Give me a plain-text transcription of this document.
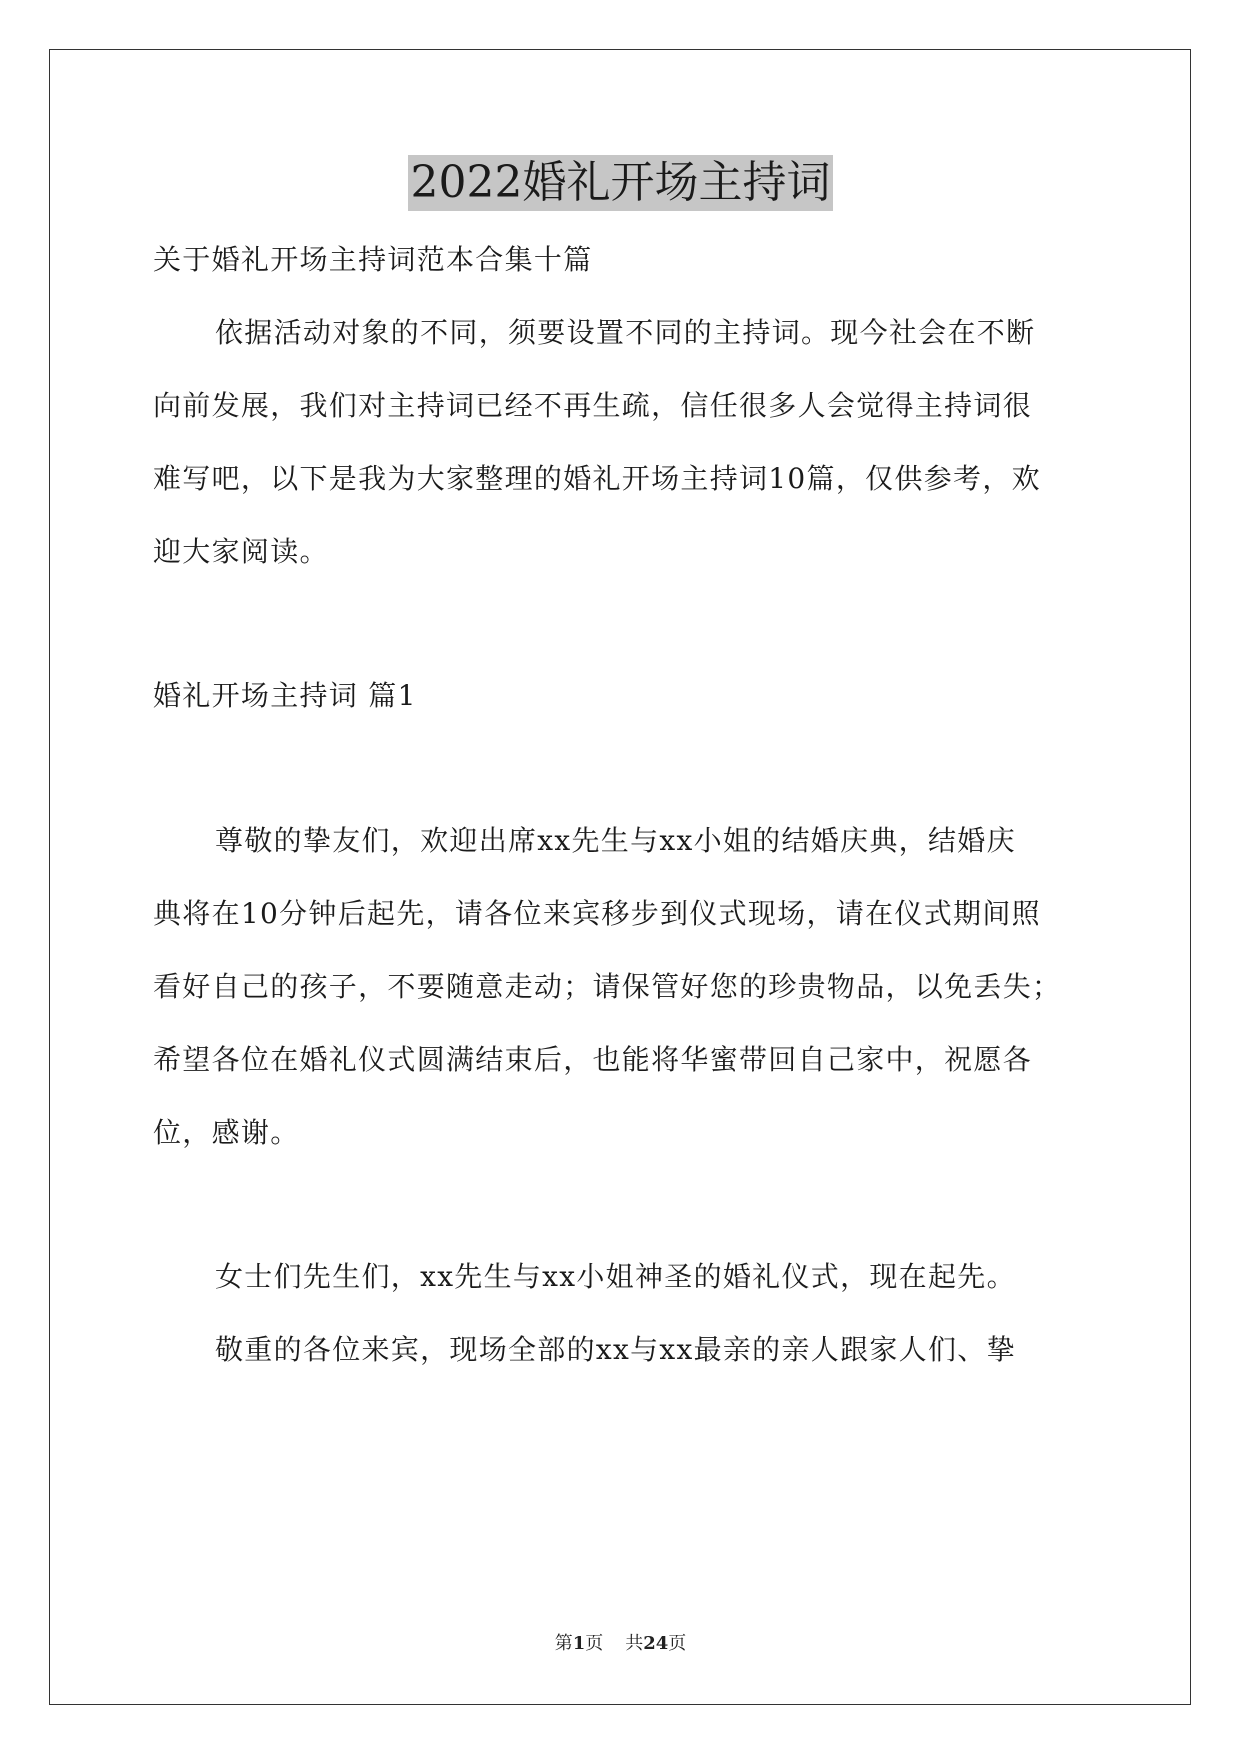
2022婚礼开场主持词
关于婚礼开场主持词范本合集十篇
依据活动对象的不同，须要设置不同的主持词。现今社会在不断
向前发展，我们对主持词已经不再生疏，信任很多人会觉得主持词很
难写吧，以下是我为大家整理的婚礼开场主持词10篇，仅供参考，欢
迎大家阅读。
婚礼开场主持词 篇1
尊敬的挚友们，欢迎出席xx先生与xx小姐的结婚庆典，结婚庆
典将在10分钟后起先，请各位来宾移步到仪式现场，请在仪式期间照
看好自己的孩子，不要随意走动；请保管好您的珍贵物品，以免丢失；
希望各位在婚礼仪式圆满结束后，也能将华蜜带回自己家中，祝愿各
位，感谢。
女士们先生们，xx先生与xx小姐神圣的婚礼仪式，现在起先。
敬重的各位来宾，现场全部的xx与xx最亲的亲人跟家人们、挚
第1页 共24页
